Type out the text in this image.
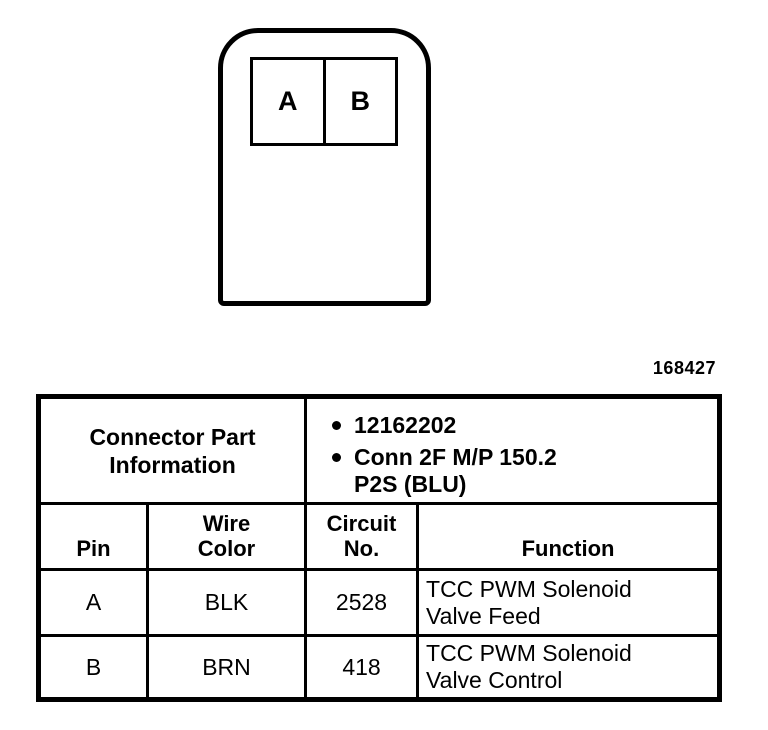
A B
168427
Connector Part Information	
12162202
Conn 2F M/P 150.2 P2S (BLU)

Pin	Wire Color	Circuit No.	Function
A	BLK	2528	TCC PWM Solenoid Valve Feed
B	BRN	418	TCC PWM Solenoid Valve Control
